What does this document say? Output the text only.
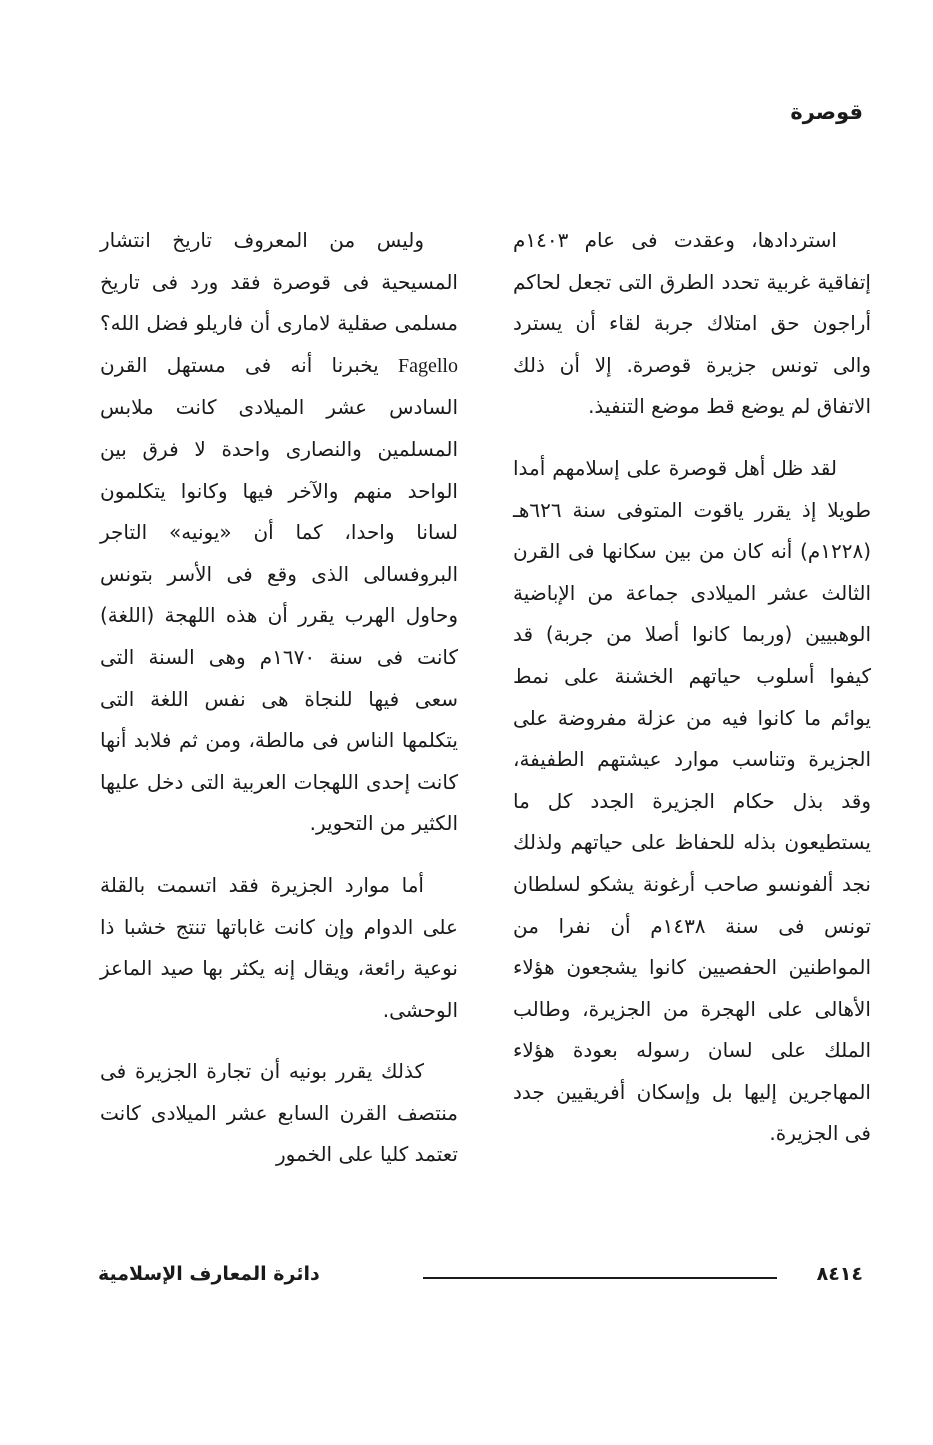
قوصرة

استردادها، وعقدت فى عام ١٤٠٣م إتفاقية غربية تحدد الطرق التى تجعل لحاكم أراجون حق امتلاك جربة لقاء أن يسترد والى تونس جزيرة قوصرة. إلا أن ذلك الاتفاق لم يوضع قط موضع التنفيذ.

لقد ظل أهل قوصرة على إسلامهم أمدا طويلا إذ يقرر ياقوت المتوفى سنة ٦٢٦هـ (١٢٢٨م) أنه كان من بين سكانها فى القرن الثالث عشر الميلادى جماعة من الإباضية الوهبيين (وربما كانوا أصلا من جربة) قد كيفوا أسلوب حياتهم الخشنة على نمط يوائم ما كانوا فيه من عزلة مفروضة على الجزيرة وتناسب موارد عيشتهم الطفيفة، وقد بذل حكام الجزيرة الجدد كل ما يستطيعون بذله للحفاظ على حياتهم ولذلك نجد ألفونسو صاحب أرغونة يشكو لسلطان تونس فى سنة ١٤٣٨م أن نفرا من المواطنين الحفصيين كانوا يشجعون هؤلاء الأهالى على الهجرة من الجزيرة، وطالب الملك على لسان رسوله بعودة هؤلاء المهاجرين إليها بل وإسكان أفريقيين جدد فى الجزيرة.

وليس من المعروف تاريخ انتشار المسيحية فى قوصرة فقد ورد فى تاريخ مسلمى صقلية لامارى أن فاريلو فضل الله؟ Fagello يخبرنا أنه فى مستهل القرن السادس عشر الميلادى كانت ملابس المسلمين والنصارى واحدة لا فرق بين الواحد منهم والآخر فيها وكانوا يتكلمون لسانا واحدا، كما أن «يونيه» التاجر البروفسالى الذى وقع فى الأسر بتونس وحاول الهرب يقرر أن هذه اللهجة (اللغة) كانت فى سنة ١٦٧٠م وهى السنة التى سعى فيها للنجاة هى نفس اللغة التى يتكلمها الناس فى مالطة، ومن ثم فلابد أنها كانت إحدى اللهجات العربية التى دخل عليها الكثير من التحوير.

أما موارد الجزيرة فقد اتسمت بالقلة على الدوام وإن كانت غاباتها تنتج خشبا ذا نوعية رائعة، ويقال إنه يكثر بها صيد الماعز الوحشى.

كذلك يقرر بونيه أن تجارة الجزيرة فى منتصف القرن السابع عشر الميلادى كانت تعتمد كليا على الخمور

٨٤١٤
دائرة المعارف الإسلامية
